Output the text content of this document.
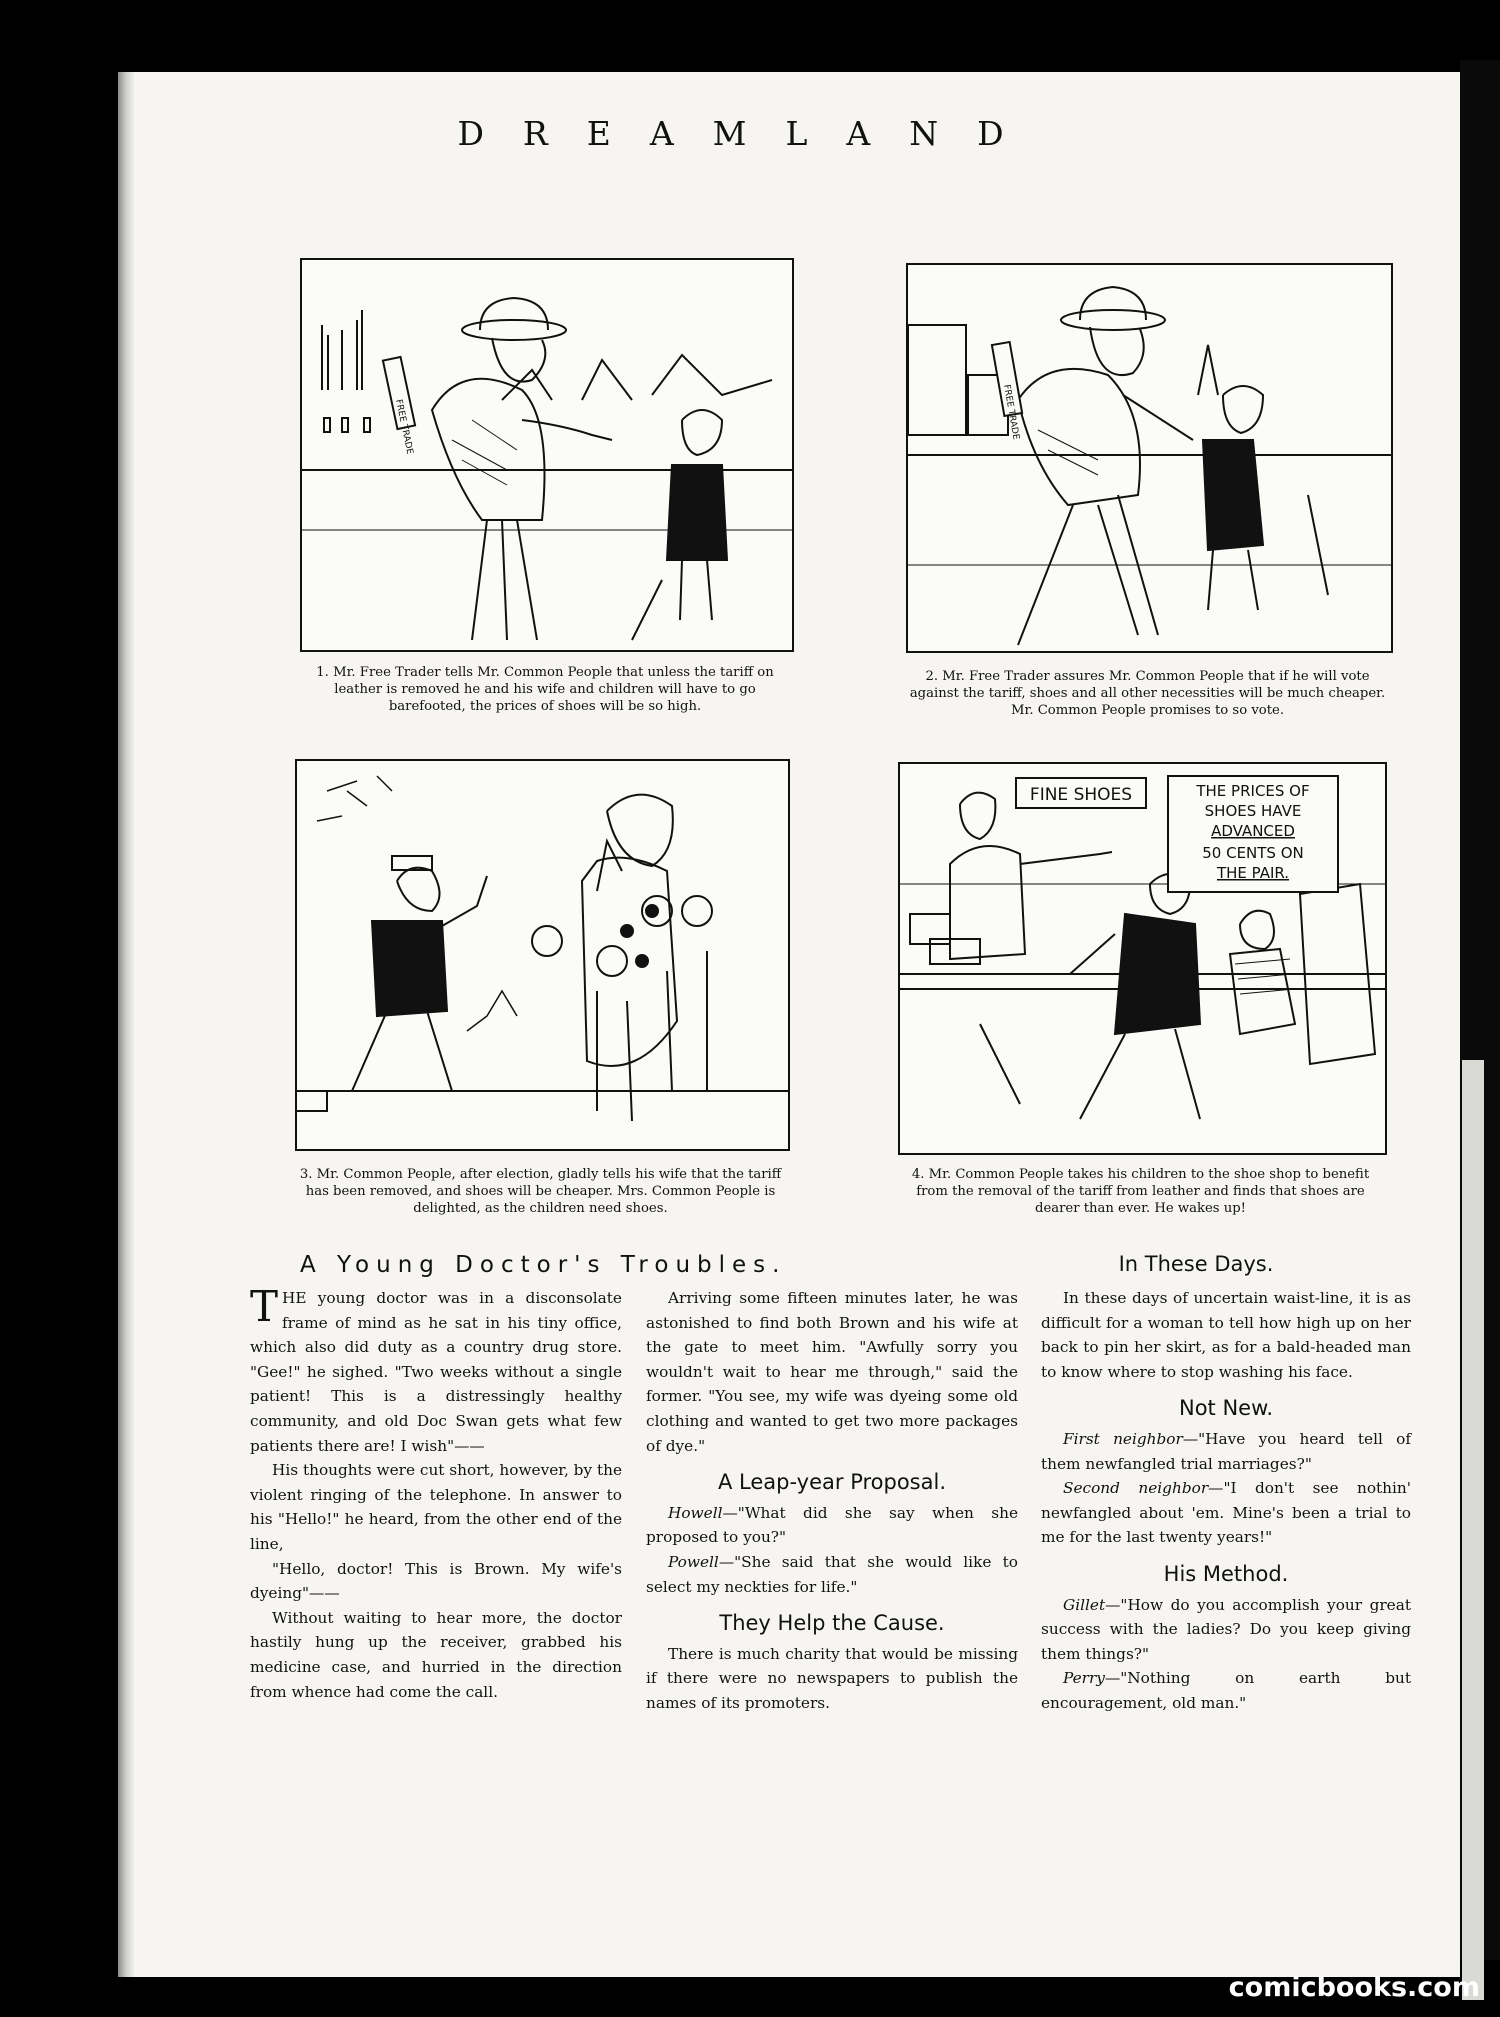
DREAMLAND
FREE TRADE
1. Mr. Free Trader tells Mr. Common People that unless the tariff on leather is removed he and his wife and children will have to go barefooted, the prices of shoes will be so high.
FREE TRADE
2. Mr. Free Trader assures Mr. Common People that if he will vote against the tariff, shoes and all other necessities will be much cheaper. Mr. Common People promises to so vote.
3. Mr. Common People, after election, gladly tells his wife that the tariff has been removed, and shoes will be cheaper. Mrs. Common People is delighted, as the children need shoes.
FINE SHOES	THE PRICES OF
SHOES HAVE
ADVANCED
50 CENTS ON
THE PAIR.
4. Mr. Common People takes his children to the shoe shop to benefit from the removal of the tariff from leather and finds that shoes are dearer than ever. He wakes up!
A Young Doctor's Troubles.	In These Days.

THE young doctor was in a disconsolate frame of mind as he sat in his tiny office, which also did duty as a country drug store. "Gee!" he sighed. "Two weeks without a single patient! This is a distressingly healthy community, and old Doc Swan gets what few patients there are! I wish"——

His thoughts were cut short, however, by the violent ringing of the telephone. In answer to his "Hello!" he heard, from the other end of the line,

"Hello, doctor! This is Brown. My wife's dyeing"——

Without waiting to hear more, the doctor hastily hung up the receiver, grabbed his medicine case, and hurried in the direction from whence had come the call.

Arriving some fifteen minutes later, he was astonished to find both Brown and his wife at the gate to meet him. "Awfully sorry you wouldn't wait to hear me through," said the former. "You see, my wife was dyeing some old clothing and wanted to get two more packages of dye."

A Leap-year Proposal.

Howell—"What did she say when she proposed to you?"

Powell—"She said that she would like to select my neckties for life."

They Help the Cause.

There is much charity that would be missing if there were no newspapers to publish the names of its promoters.

In these days of uncertain waist-line, it is as difficult for a woman to tell how high up on her back to pin her skirt, as for a bald-headed man to know where to stop washing his face.

Not New.

First neighbor—"Have you heard tell of them newfangled trial marriages?"

Second neighbor—"I don't see nothin' newfangled about 'em. Mine's been a trial to me for the last twenty years!"

His Method.

Gillet—"How do you accomplish your great success with the ladies? Do you keep giving them things?"

Perry—"Nothing on earth but encouragement, old man."

comicbooks.com
